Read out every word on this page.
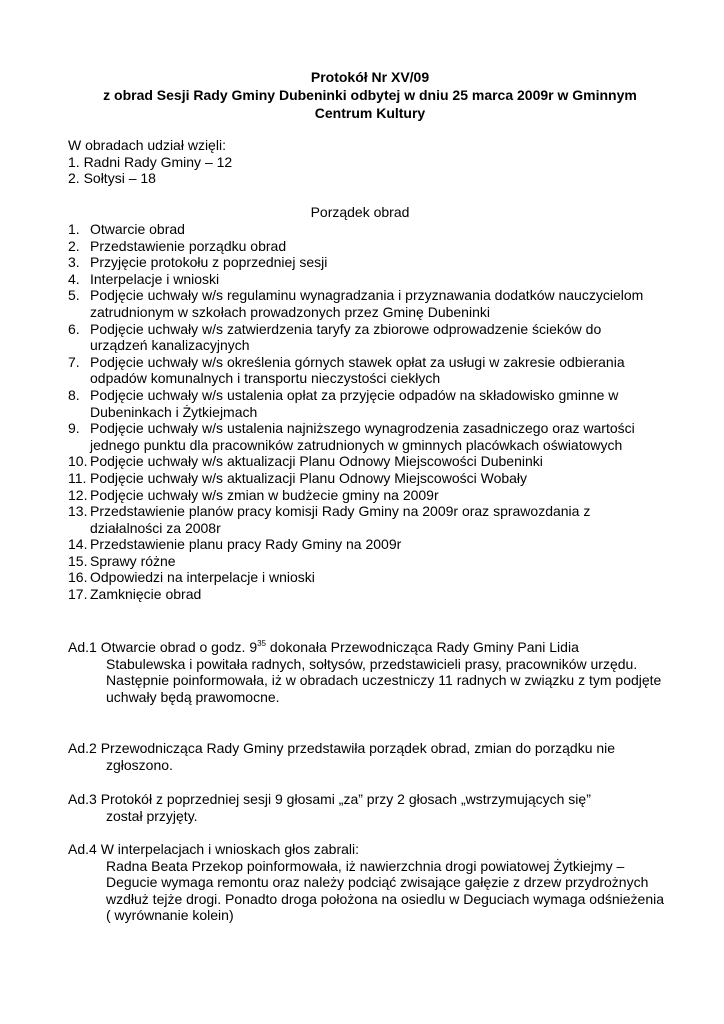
Protokół Nr XV/09
z obrad Sesji Rady Gminy Dubeninki odbytej w dniu 25 marca 2009r w Gminnym
Centrum Kultury
W obradach udział wzięli:
1. Radni Rady Gminy – 12
2. Sołtysi – 18
Porządek obrad
1. Otwarcie obrad
2. Przedstawienie porządku obrad
3. Przyjęcie protokołu z poprzedniej sesji
4. Interpelacje i wnioski
5. Podjęcie uchwały w/s regulaminu wynagradzania i przyznawania dodatków nauczycielom zatrudnionym w szkołach prowadzonych przez Gminę Dubeninki
6. Podjęcie uchwały w/s zatwierdzenia taryfy za zbiorowe odprowadzenie ścieków do urządzeń kanalizacyjnych
7. Podjęcie uchwały w/s określenia górnych stawek opłat za usługi w zakresie odbierania odpadów komunalnych i transportu nieczystości ciekłych
8. Podjęcie uchwały w/s ustalenia opłat za przyjęcie odpadów na składowisko gminne w Dubeninkach i Żytkiejmach
9. Podjęcie uchwały w/s ustalenia najniższego wynagrodzenia zasadniczego oraz wartości jednego punktu dla pracowników zatrudnionych w gminnych placówkach oświatowych
10. Podjęcie uchwały w/s aktualizacji Planu Odnowy Miejscowości Dubeninki
11. Podjęcie uchwały w/s aktualizacji Planu Odnowy Miejscowości Wobały
12. Podjęcie uchwały w/s zmian w budżecie gminy na 2009r
13. Przedstawienie planów pracy komisji Rady Gminy na 2009r oraz sprawozdania z działalności za 2008r
14. Przedstawienie planu pracy Rady Gminy na 2009r
15. Sprawy różne
16. Odpowiedzi na interpelacje i wnioski
17. Zamknięcie obrad
Ad.1 Otwarcie obrad o godz. $9^{35}$ dokonała Przewodnicząca Rady Gminy Pani Lidia
Stabulewska i powitała radnych, sołtysów, przedstawicieli prasy, pracowników urzędu.
Następnie poinformowała, iż w obradach uczestniczy 11 radnych w związku z tym podjęte uchwały będą prawomocne.
Ad.2 Przewodnicząca Rady Gminy przedstawiła porządek obrad, zmian do porządku nie
zgłoszono.
Ad.3 Protokół z poprzedniej sesji 9 głosami „za” przy 2 głosach „wstrzymujących się”
został przyjęty.
Ad.4 W interpelacjach i wnioskach głos zabrali:
Radna Beata Przekop poinformowała, iż nawierzchnia drogi powiatowej Żytkiejmy – Degucie wymaga remontu oraz należy podciąć zwisające gałęzie z drzew przydrożnych wzdłuż tejże drogi. Ponadto droga położona na osiedlu w Deguciach wymaga odśnieżenia ( wyrównanie kolein)
